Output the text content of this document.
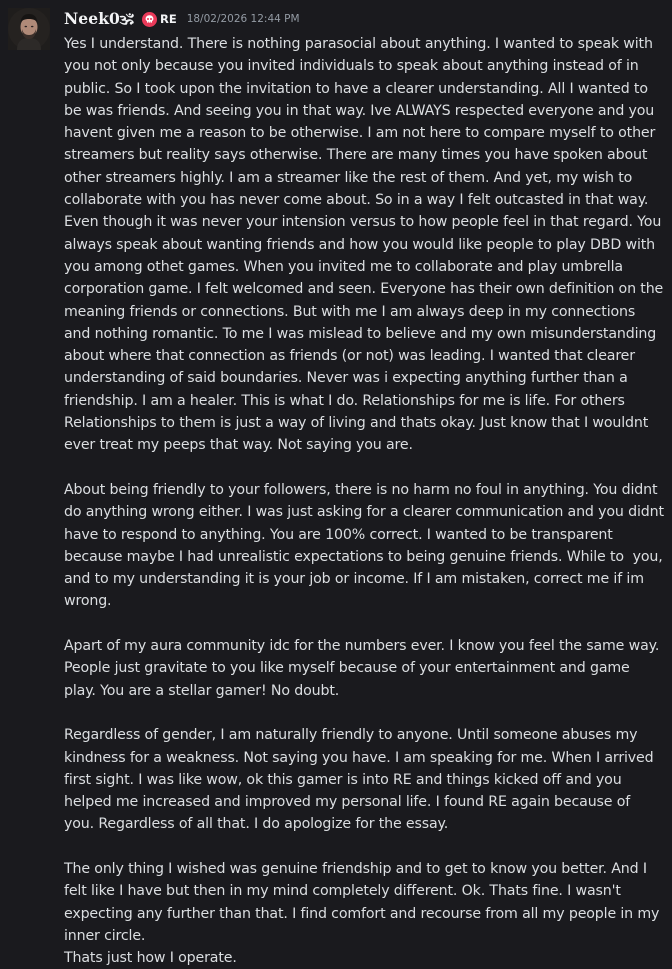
Neek0🕉 RE 18/02/2026 12:44 PM

Yes I understand. There is nothing parasocial about anything. I wanted to speak with you not only because you invited individuals to speak about anything instead of in public. So I took upon the invitation to have a clearer understanding. All I wanted to be was friends. And seeing you in that way. Ive ALWAYS respected everyone and you havent given me a reason to be otherwise. I am not here to compare myself to other streamers but reality says otherwise. There are many times you have spoken about other streamers highly. I am a streamer like the rest of them. And yet, my wish to collaborate with you has never come about. So in a way I felt outcasted in that way. Even though it was never your intension versus to how people feel in that regard. You always speak about wanting friends and how you would like people to play DBD with you among othet games. When you invited me to collaborate and play umbrella corporation game. I felt welcomed and seen. Everyone has their own definition on the meaning friends or connections. But with me I am always deep in my connections and nothing romantic. To me I was mislead to believe and my own misunderstanding about where that connection as friends (or not) was leading. I wanted that clearer understanding of said boundaries. Never was i expecting anything further than a friendship. I am a healer. This is what I do. Relationships for me is life. For others Relationships to them is just a way of living and thats okay. Just know that I wouldnt ever treat my peeps that way. Not saying you are.

About being friendly to your followers, there is no harm no foul in anything. You didnt do anything wrong either. I was just asking for a clearer communication and you didnt have to respond to anything. You are 100% correct. I wanted to be transparent because maybe I had unrealistic expectations to being genuine friends. While to  you, and to my understanding it is your job or income. If I am mistaken, correct me if im wrong.

Apart of my aura community idc for the numbers ever. I know you feel the same way. People just gravitate to you like myself because of your entertainment and game play. You are a stellar gamer! No doubt.

Regardless of gender, I am naturally friendly to anyone. Until someone abuses my kindness for a weakness. Not saying you have. I am speaking for me. When I arrived first sight. I was like wow, ok this gamer is into RE and things kicked off and you helped me increased and improved my personal life. I found RE again because of you. Regardless of all that. I do apologize for the essay.

The only thing I wished was genuine friendship and to get to know you better. And I felt like I have but then in my mind completely different. Ok. Thats fine. I wasn't expecting any further than that. I find comfort and recourse from all my people in my inner circle.
Thats just how I operate.
